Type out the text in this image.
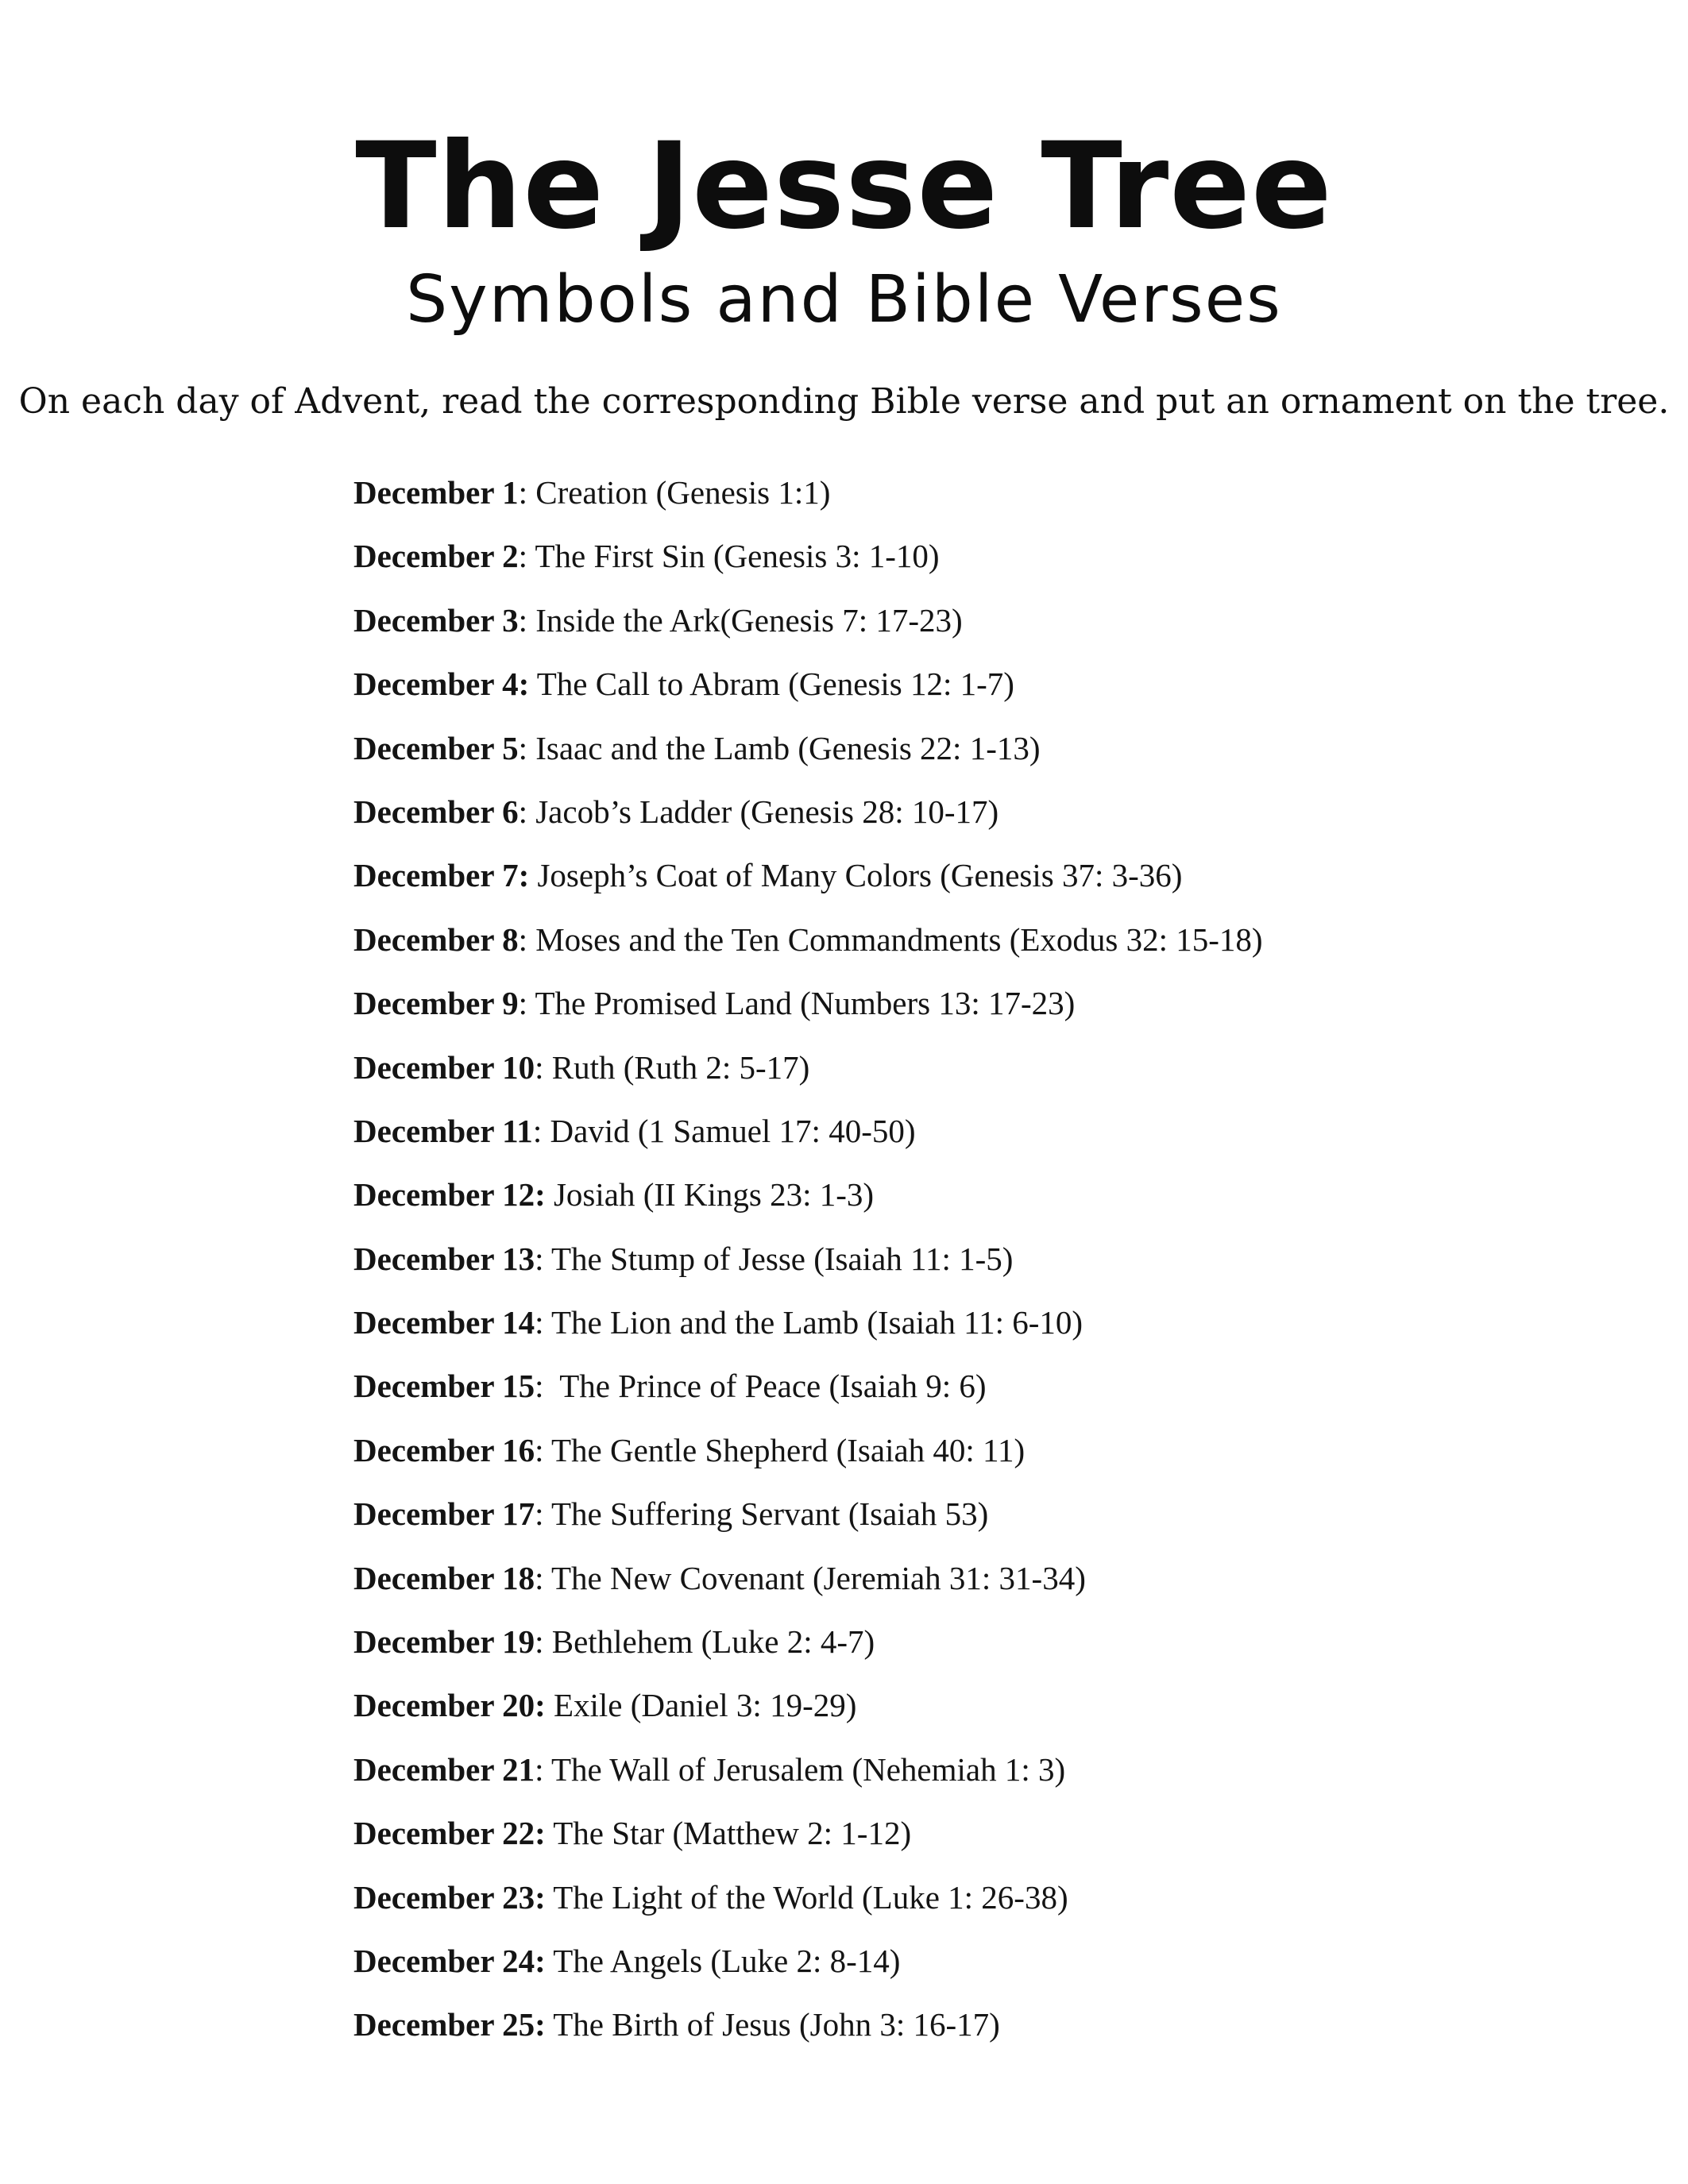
The Jesse Tree
Symbols and Bible Verses

On each day of Advent, read the corresponding Bible verse and put an ornament on the tree.

December 1: Creation (Genesis 1:1)
December 2: The First Sin (Genesis 3: 1-10)
December 3: Inside the Ark(Genesis 7: 17-23)
December 4: The Call to Abram (Genesis 12: 1-7)
December 5: Isaac and the Lamb (Genesis 22: 1-13)
December 6: Jacob’s Ladder (Genesis 28: 10-17)
December 7: Joseph’s Coat of Many Colors (Genesis 37: 3-36)
December 8: Moses and the Ten Commandments (Exodus 32: 15-18)
December 9: The Promised Land (Numbers 13: 17-23)
December 10: Ruth (Ruth 2: 5-17)
December 11: David (1 Samuel 17: 40-50)
December 12: Josiah (II Kings 23: 1-3)
December 13: The Stump of Jesse (Isaiah 11: 1-5)
December 14: The Lion and the Lamb (Isaiah 11: 6-10)
December 15:  The Prince of Peace (Isaiah 9: 6)
December 16: The Gentle Shepherd (Isaiah 40: 11)
December 17: The Suffering Servant (Isaiah 53)
December 18: The New Covenant (Jeremiah 31: 31-34)
December 19: Bethlehem (Luke 2: 4-7)
December 20: Exile (Daniel 3: 19-29)
December 21: The Wall of Jerusalem (Nehemiah 1: 3)
December 22: The Star (Matthew 2: 1-12)
December 23: The Light of the World (Luke 1: 26-38)
December 24: The Angels (Luke 2: 8-14)
December 25: The Birth of Jesus (John 3: 16-17)
